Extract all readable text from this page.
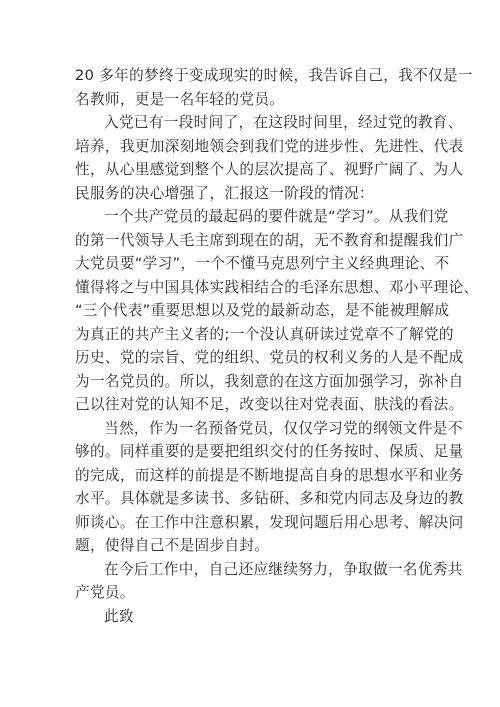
20 多年的梦终于变成现实的时候，我告诉自己，我不仅是一
名教师，更是一名年轻的党员。
入党已有一段时间了，在这段时间里，经过党的教育、
培养，我更加深刻地领会到我们党的进步性、先进性、代表
性，从心里感觉到整个人的层次提高了、视野广阔了、为人
民服务的决心增强了，汇报这一阶段的情况：
一个共产党员的最起码的要件就是“学习”。从我们党
的第一代领导人毛主席到现在的胡，无不教育和提醒我们广
大党员要“学习”，一个不懂马克思列宁主义经典理论、不
懂得将之与中国具体实践相结合的毛泽东思想、邓小平理论、
“三个代表”重要思想以及党的最新动态，是不能被理解成
为真正的共产主义者的;一个没认真研读过党章不了解党的
历史、党的宗旨、党的组织、党员的权利义务的人是不配成
为一名党员的。所以，我刻意的在这方面加强学习，弥补自
己以往对党的认知不足，改变以往对党表面、肤浅的看法。
当然，作为一名预备党员，仅仅学习党的纲领文件是不
够的。同样重要的是要把组织交付的任务按时、保质、足量
的完成，而这样的前提是不断地提高自身的思想水平和业务
水平。具体就是多读书、多钻研、多和党内同志及身边的教
师谈心。在工作中注意积累，发现问题后用心思考、解决问
题，使得自己不是固步自封。
在今后工作中，自己还应继续努力，争取做一名优秀共
产党员。
此致
